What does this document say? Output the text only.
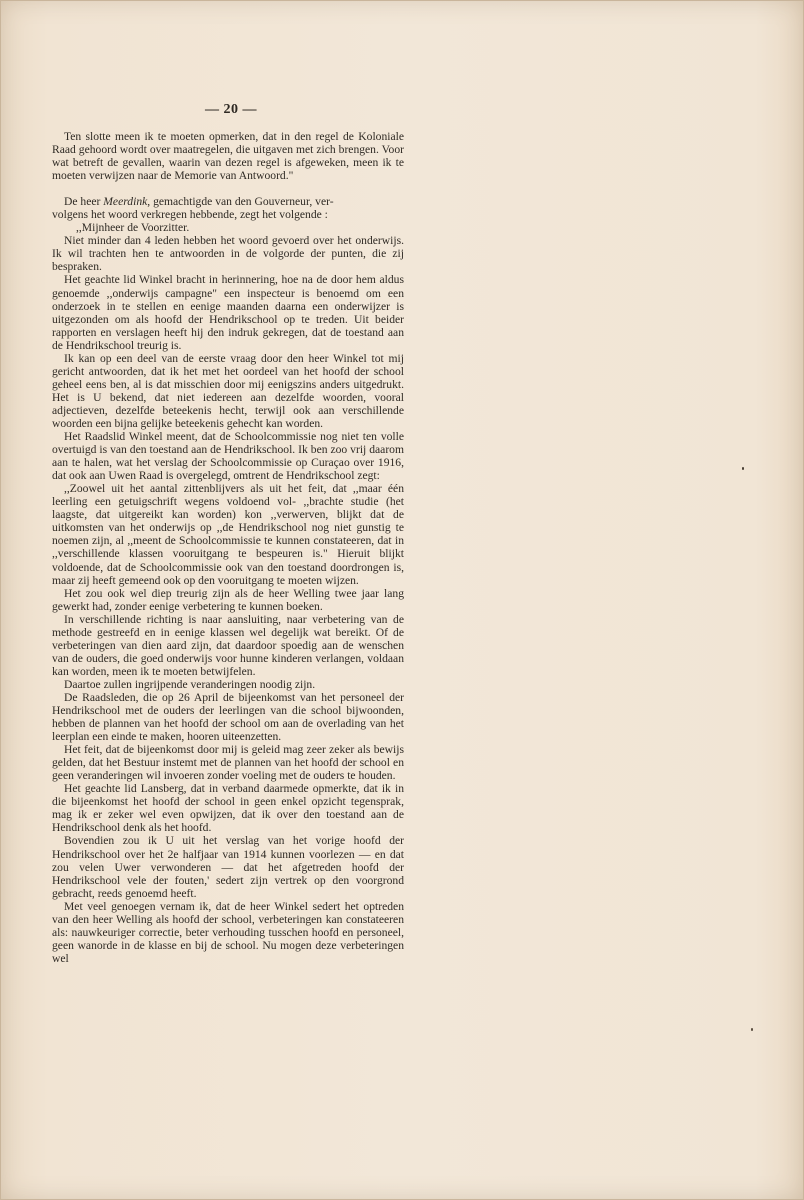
— 20 —

Ten slotte meen ik te moeten opmerken, dat in den regel de Koloniale Raad gehoord wordt over maatregelen, die uitgaven met zich brengen. Voor wat betreft de gevallen, waarin van dezen regel is afgeweken, meen ik te moeten verwijzen naar de Memorie van Antwoord."

De heer Meerdink, gemachtigde van den Gouverneur, ver-

volgens het woord verkregen hebbende, zegt het volgende :

,,Mijnheer de Voorzitter.

Niet minder dan 4 leden hebben het woord gevoerd over het onderwijs. Ik wil trachten hen te antwoorden in de volgorde der punten, die zij bespraken.

Het geachte lid Winkel bracht in herinnering, hoe na de door hem aldus genoemde ,,onderwijs campagne" een inspecteur is benoemd om een onderzoek in te stellen en eenige maanden daarna een onderwijzer is uitgezonden om als hoofd der Hendrikschool op te treden. Uit beider rapporten en verslagen heeft hij den indruk gekregen, dat de toestand aan de Hendrikschool treurig is.

Ik kan op een deel van de eerste vraag door den heer Winkel tot mij gericht antwoorden, dat ik het met het oordeel van het hoofd der school geheel eens ben, al is dat misschien door mij eenigszins anders uitgedrukt. Het is U bekend, dat niet iedereen aan dezelfde woorden, vooral adjectieven, dezelfde beteekenis hecht, terwijl ook aan verschillende woorden een bijna gelijke beteekenis gehecht kan worden.

Het Raadslid Winkel meent, dat de Schoolcommissie nog niet ten volle overtuigd is van den toestand aan de Hendrikschool. Ik ben zoo vrij daarom aan te halen, wat het verslag der Schoolcommissie op Curaçao over 1916, dat ook aan Uwen Raad is overgelegd, omtrent de Hendrikschool zegt:

,,Zoowel uit het aantal zittenblijvers als uit het feit, dat ,,maar één leerling een getuigschrift wegens voldoend vol- ,,brachte studie (het laagste, dat uitgereikt kan worden) kon ,,verwerven, blijkt dat de uitkomsten van het onderwijs op ,,de Hendrikschool nog niet gunstig te noemen zijn, al ,,meent de Schoolcommissie te kunnen constateeren, dat in ,,verschillende klassen vooruitgang te bespeuren is." Hieruit blijkt voldoende, dat de Schoolcommissie ook van den toestand doordrongen is, maar zij heeft gemeend ook op den vooruitgang te moeten wijzen.

Het zou ook wel diep treurig zijn als de heer Welling twee jaar lang gewerkt had, zonder eenige verbetering te kunnen boeken.

In verschillende richting is naar aansluiting, naar verbetering van de methode gestreefd en in eenige klassen wel degelijk wat bereikt. Of de verbeteringen van dien aard zijn, dat daardoor spoedig aan de wenschen van de ouders, die goed onderwijs voor hunne kinderen verlangen, voldaan kan worden, meen ik te moeten betwijfelen.

Daartoe zullen ingrijpende veranderingen noodig zijn.

De Raadsleden, die op 26 April de bijeenkomst van het personeel der Hendrikschool met de ouders der leerlingen van die school bijwoonden, hebben de plannen van het hoofd der school om aan de overlading van het leerplan een einde te maken, hooren uiteenzetten.

Het feit, dat de bijeenkomst door mij is geleid mag zeer zeker als bewijs gelden, dat het Bestuur instemt met de plannen van het hoofd der school en geen veranderingen wil invoeren zonder voeling met de ouders te houden.

Het geachte lid Lansberg, dat in verband daarmede opmerkte, dat ik in die bijeenkomst het hoofd der school in geen enkel opzicht tegensprak, mag ik er zeker wel even opwijzen, dat ik over den toestand aan de Hendrikschool denk als het hoofd.

Bovendien zou ik U uit het verslag van het vorige hoofd der Hendrikschool over het 2e halfjaar van 1914 kunnen voorlezen — en dat zou velen Uwer verwonderen — dat het afgetreden hoofd der Hendrikschool vele der fouten,' sedert zijn vertrek op den voorgrond gebracht, reeds genoemd heeft.

Met veel genoegen vernam ik, dat de heer Winkel sedert het optreden van den heer Welling als hoofd der school, verbeteringen kan constateeren als: nauwkeuriger correctie, beter verhouding tusschen hoofd en personeel, geen wanorde in de klasse en bij de school. Nu mogen deze verbeteringen wel
